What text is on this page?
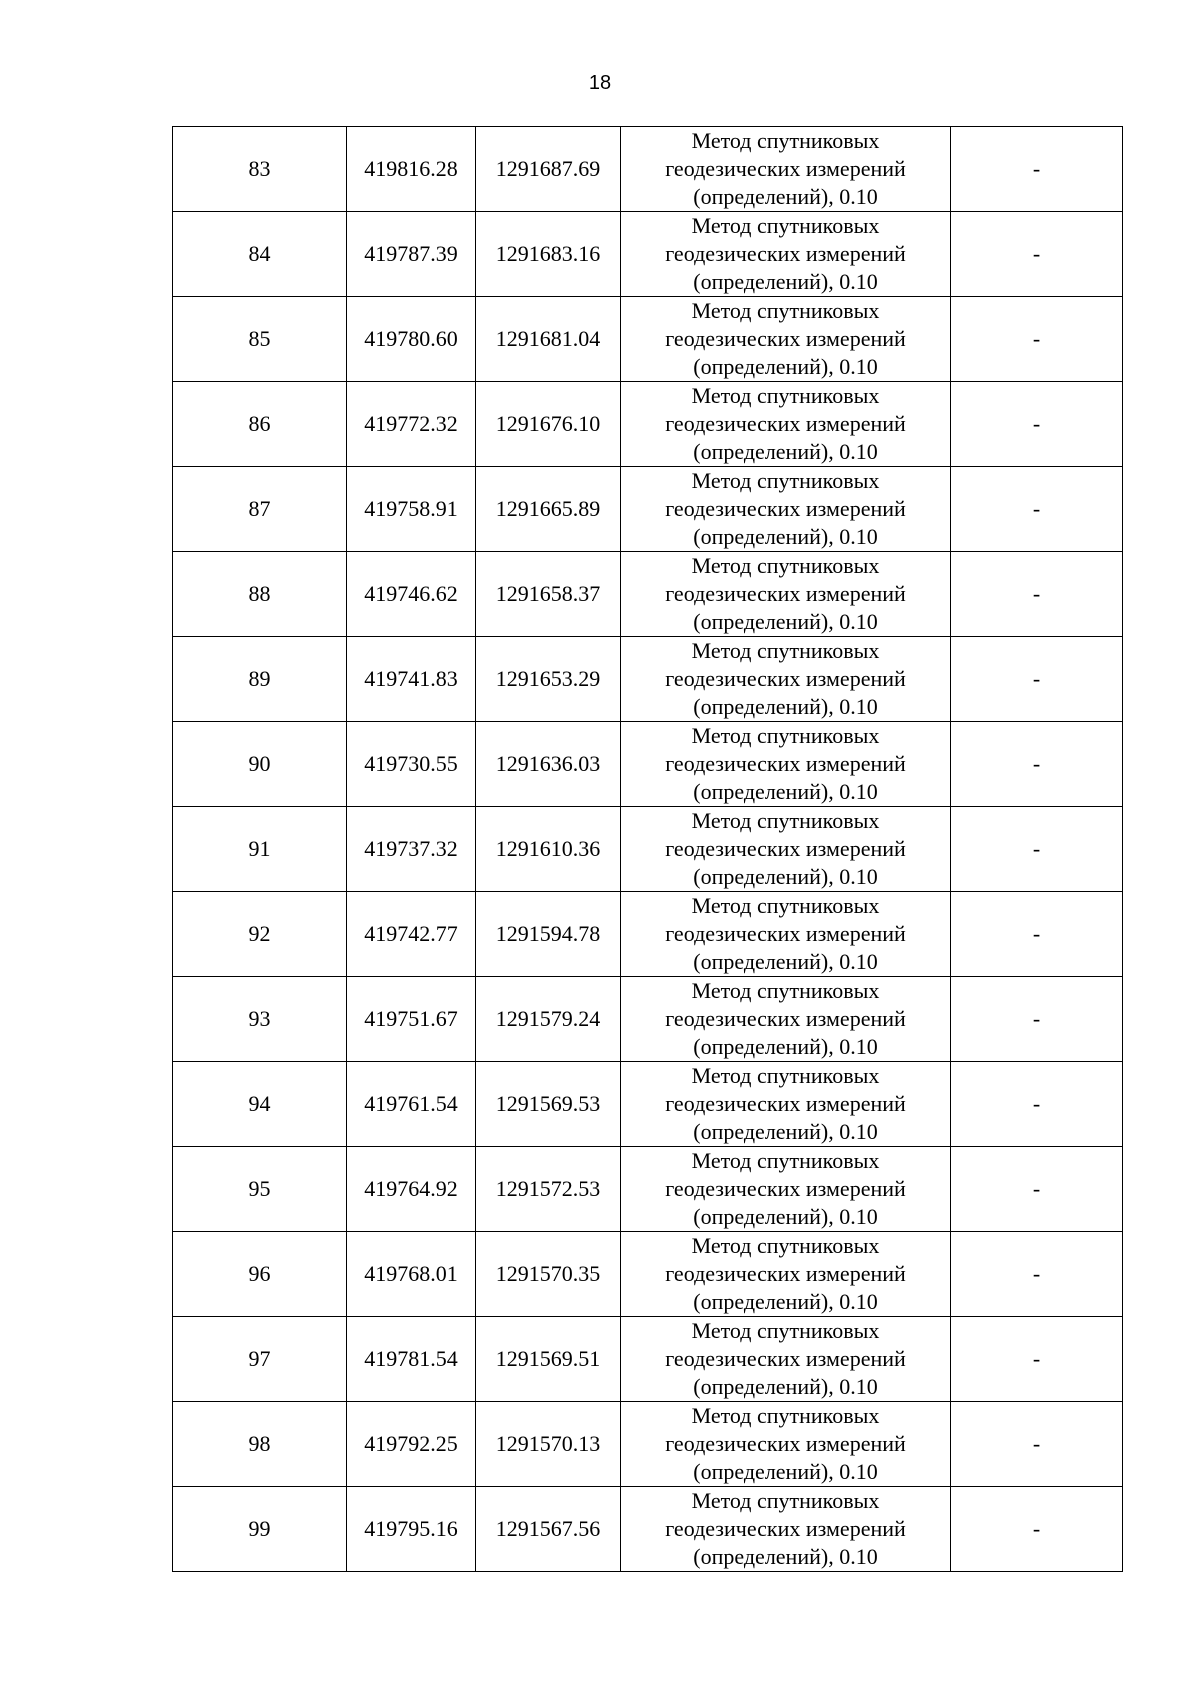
18
83	419816.28	1291687.69	Метод спутниковых
геодезических измерений
(определений), 0.10	-
84	419787.39	1291683.16	Метод спутниковых
геодезических измерений
(определений), 0.10	-
85	419780.60	1291681.04	Метод спутниковых
геодезических измерений
(определений), 0.10	-
86	419772.32	1291676.10	Метод спутниковых
геодезических измерений
(определений), 0.10	-
87	419758.91	1291665.89	Метод спутниковых
геодезических измерений
(определений), 0.10	-
88	419746.62	1291658.37	Метод спутниковых
геодезических измерений
(определений), 0.10	-
89	419741.83	1291653.29	Метод спутниковых
геодезических измерений
(определений), 0.10	-
90	419730.55	1291636.03	Метод спутниковых
геодезических измерений
(определений), 0.10	-
91	419737.32	1291610.36	Метод спутниковых
геодезических измерений
(определений), 0.10	-
92	419742.77	1291594.78	Метод спутниковых
геодезических измерений
(определений), 0.10	-
93	419751.67	1291579.24	Метод спутниковых
геодезических измерений
(определений), 0.10	-
94	419761.54	1291569.53	Метод спутниковых
геодезических измерений
(определений), 0.10	-
95	419764.92	1291572.53	Метод спутниковых
геодезических измерений
(определений), 0.10	-
96	419768.01	1291570.35	Метод спутниковых
геодезических измерений
(определений), 0.10	-
97	419781.54	1291569.51	Метод спутниковых
геодезических измерений
(определений), 0.10	-
98	419792.25	1291570.13	Метод спутниковых
геодезических измерений
(определений), 0.10	-
99	419795.16	1291567.56	Метод спутниковых
геодезических измерений
(определений), 0.10	-
